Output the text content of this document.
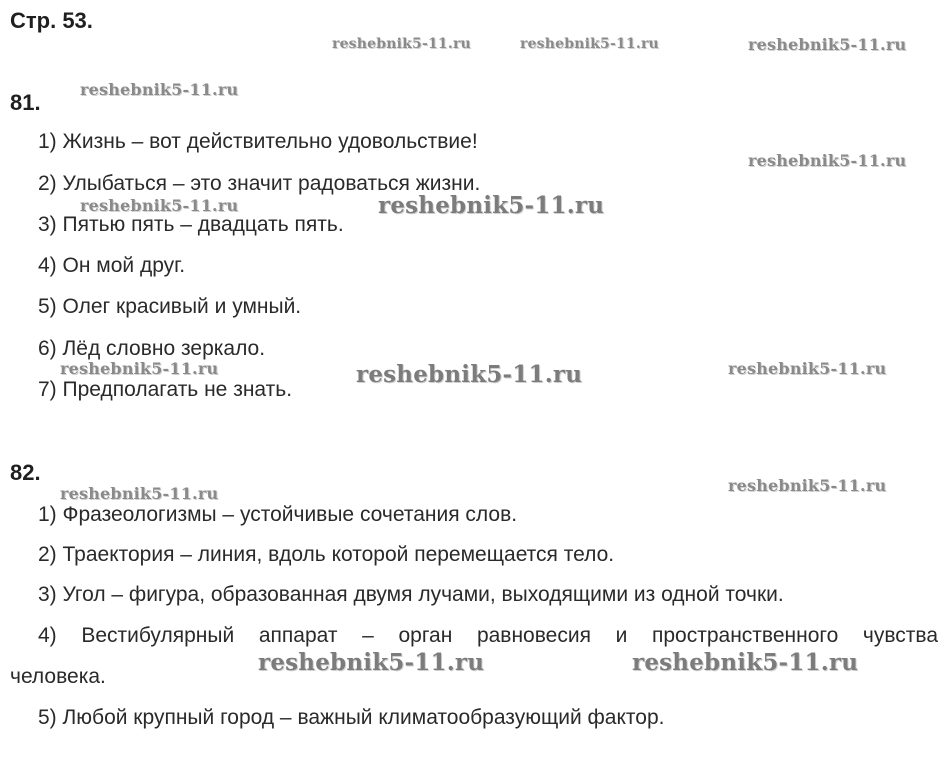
Стр. 53.
81.
1) Жизнь – вот действительно удовольствие!
2) Улыбаться – это значит радоваться жизни.
3) Пятью пять – двадцать пять.
4) Он мой друг.
5) Олег красивый и умный.
6) Лёд словно зеркало.
7) Предполагать не знать.
82.
1) Фразеологизмы – устойчивые сочетания слов.
2) Траектория – линия, вдоль которой перемещается тело.
3) Угол – фигура, образованная двумя лучами, выходящими из одной точки.
4) Вестибулярный аппарат – орган равновесия и пространственного чувства
человека.
5) Любой крупный город – важный климатообразующий фактор.
reshebnik5-11.ru	reshebnik5-11.ru	reshebnik5-11.ru
reshebnik5-11.ru
reshebnik5-11.ru
reshebnik5-11.ru	reshebnik5-11.ru
reshebnik5-11.ru	reshebnik5-11.ru	reshebnik5-11.ru
reshebnik5-11.ru	reshebnik5-11.ru
reshebnik5-11.ru	reshebnik5-11.ru
